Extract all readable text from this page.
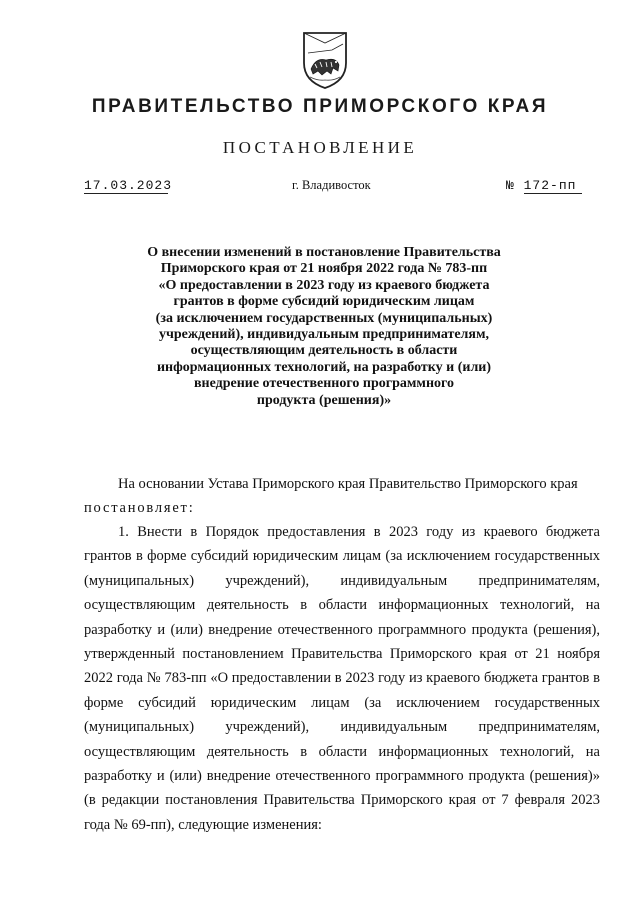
ПРАВИТЕЛЬСТВО ПРИМОРСКОГО КРАЯ
ПОСТАНОВЛЕНИЕ
17.03.2023	г. Владивосток	№ 172-пп
О внесении изменений в постановление Правительства
Приморского края от 21 ноября 2022 года № 783-пп
«О предоставлении в 2023 году из краевого бюджета
грантов в форме субсидий юридическим лицам
(за исключением государственных (муниципальных)
учреждений), индивидуальным предпринимателям,
осуществляющим деятельность в области
информационных технологий, на разработку и (или)
внедрение отечественного программного
продукта (решения)»
На основании Устава Приморского края Правительство Приморского края
постановляет:
1. Внести в Порядок предоставления в 2023 году из краевого бюджета грантов в форме субсидий юридическим лицам (за исключением государственных (муниципальных) учреждений), индивидуальным предпринимателям, осуществляющим деятельность в области информационных технологий, на разработку и (или) внедрение отечественного программного продукта (решения), утвержденный постановлением Правительства Приморского края от 21 ноября 2022 года № 783-пп «О предоставлении в 2023 году из краевого бюджета грантов в форме субсидий юридическим лицам (за исключением государственных (муниципальных) учреждений), индивидуальным предпринимателям, осуществляющим деятельность в области информационных технологий, на разработку и (или) внедрение отечественного программного продукта (решения)» (в редакции постановления Правительства Приморского края от 7 февраля 2023 года № 69-пп), следующие изменения:
